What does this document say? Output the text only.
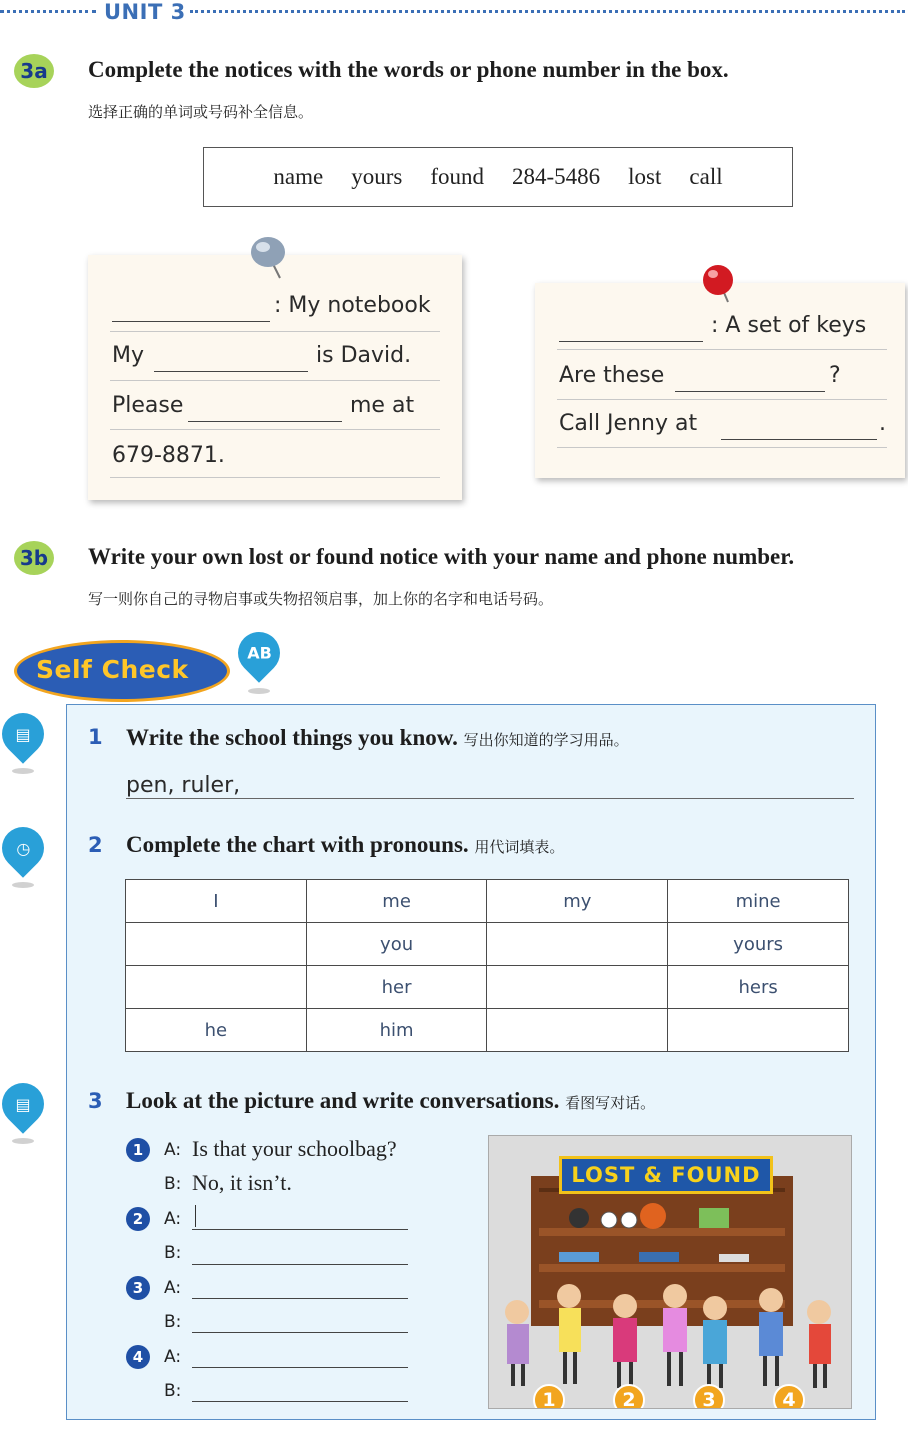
UNIT 3
3a Complete the notices with the words or phone number in the box.
选择正确的单词或号码补全信息。
name yours found 284-5486 lost call
: My notebook
My	is David.
Please	me at
679-8871.
: A set of keys
Are these	?
Call Jenny at	.
3b Write your own lost or found notice with your name and phone number.
写一则你自己的寻物启事或失物招领启事，加上你的名字和电话号码。
Self Check
AB
▤
◷
▤
1 Write the school things you know. 写出你知道的学习用品。
pen, ruler,
2 Complete the chart with pronouns. 用代词填表。
I	me	my	mine
	you		yours
	her		hers
he	him		
3 Look at the picture and write conversations. 看图写对话。
1	A: Is that your schoolbag?
B: No, it isn’t.
2	A:
B:
3	A:
B:
4	A:
B:
LOST & FOUND
1	2	3	4
